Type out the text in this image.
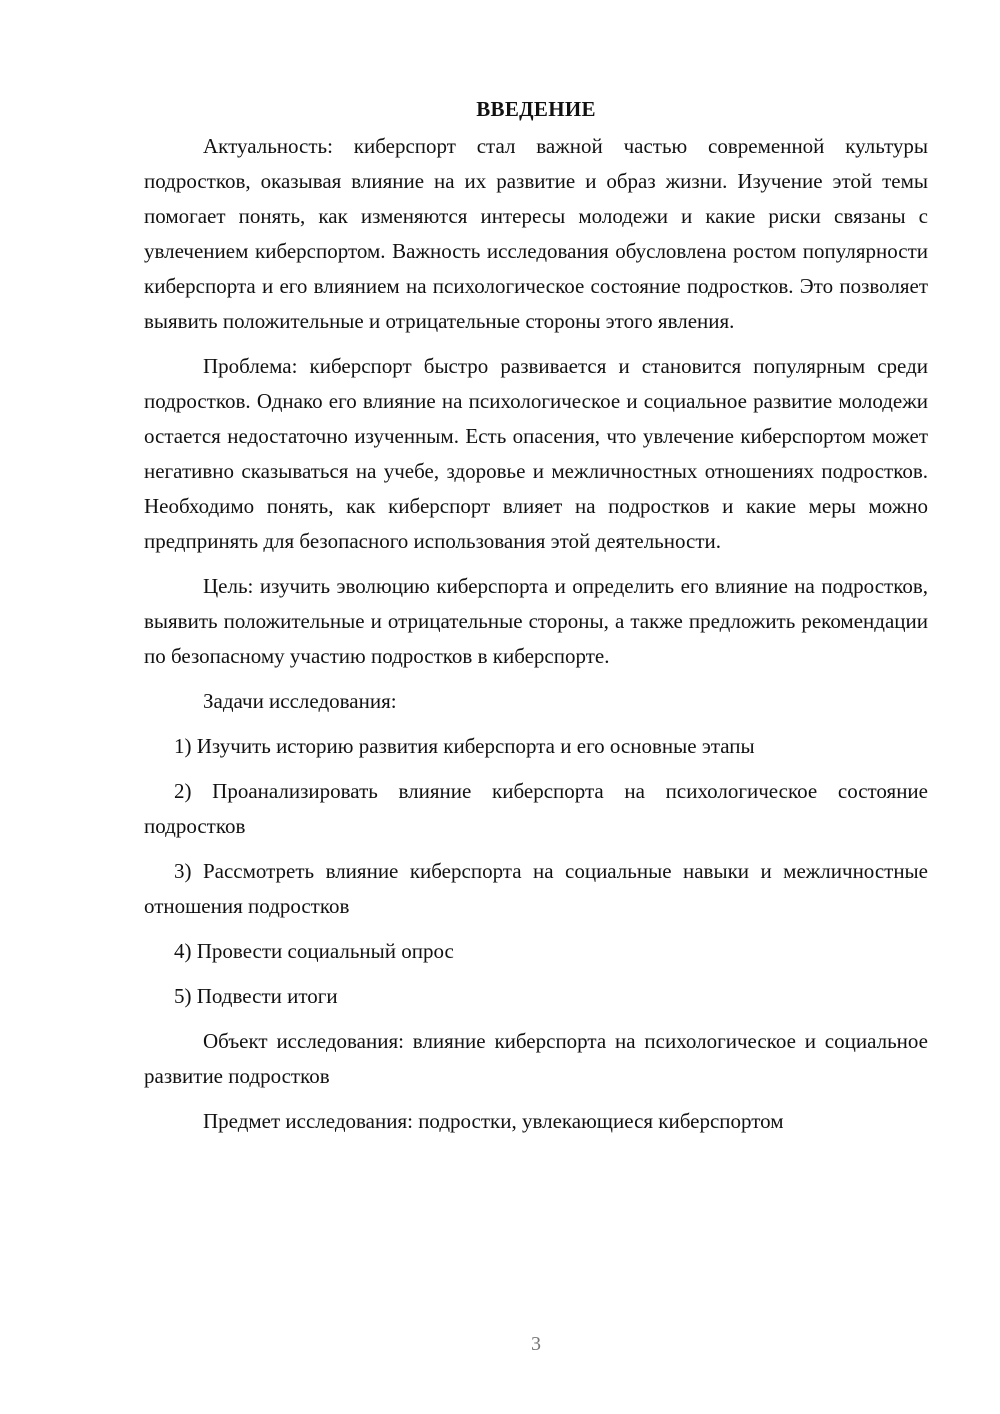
ВВЕДЕНИЕ

Актуальность: киберспорт стал важной частью современной культуры подростков, оказывая влияние на их развитие и образ жизни. Изучение этой темы помогает понять, как изменяются интересы молодежи и какие риски связаны с увлечением киберспортом. Важность исследования обусловлена ростом популярности киберспорта и его влиянием на психологическое состояние подростков. Это позволяет выявить положительные и отрицательные стороны этого явления.

Проблема: киберспорт быстро развивается и становится популярным среди подростков. Однако его влияние на психологическое и социальное развитие молодежи остается недостаточно изученным. Есть опасения, что увлечение киберспортом может негативно сказываться на учебе, здоровье и межличностных отношениях подростков. Необходимо понять, как киберспорт влияет на подростков и какие меры можно предпринять для безопасного использования этой деятельности.

Цель: изучить эволюцию киберспорта и определить его влияние на подростков, выявить положительные и отрицательные стороны, а также предложить рекомендации по безопасному участию подростков в киберспорте.

Задачи исследования:

1) Изучить историю развития киберспорта и его основные этапы

2) Проанализировать влияние киберспорта на психологическое состояние подростков

3) Рассмотреть влияние киберспорта на социальные навыки и межличностные отношения подростков

4) Провести социальный опрос

5) Подвести итоги

Объект исследования: влияние киберспорта на психологическое и социальное развитие подростков

Предмет исследования: подростки, увлекающиеся киберспортом

3
